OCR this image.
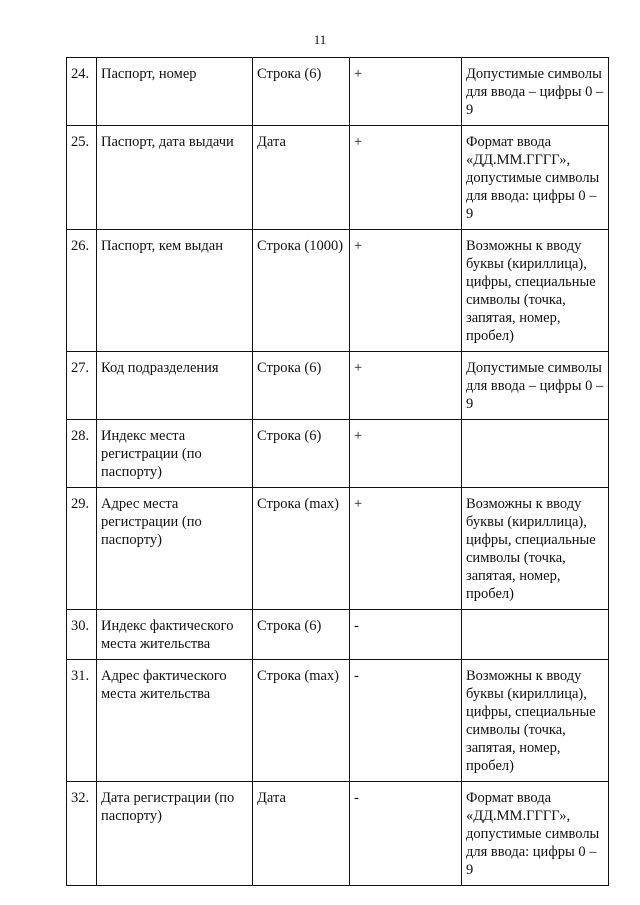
11
24.	Паспорт, номер	Строка (6)	+	Допустимые символы для ввода – цифры 0 – 9
25.	Паспорт, дата выдачи	Дата	+	Формат ввода «ДД.ММ.ГГГГ», допустимые символы для ввода: цифры 0 – 9
26.	Паспорт, кем выдан	Строка (1000)	+	Возможны к вводу буквы (кириллица), цифры, специальные символы (точка, запятая, номер, пробел)
27.	Код подразделения	Строка (6)	+	Допустимые символы для ввода – цифры 0 – 9
28.	Индекс места регистрации (по паспорту)	Строка (6)	+	
29.	Адрес места регистрации (по паспорту)	Строка (max)	+	Возможны к вводу буквы (кириллица), цифры, специальные символы (точка, запятая, номер, пробел)
30.	Индекс фактического места жительства	Строка (6)	-	
31.	Адрес фактического места жительства	Строка (max)	-	Возможны к вводу буквы (кириллица), цифры, специальные символы (точка, запятая, номер, пробел)
32.	Дата регистрации (по паспорту)	Дата	-	Формат ввода «ДД.ММ.ГГГГ», допустимые символы для ввода: цифры 0 – 9
